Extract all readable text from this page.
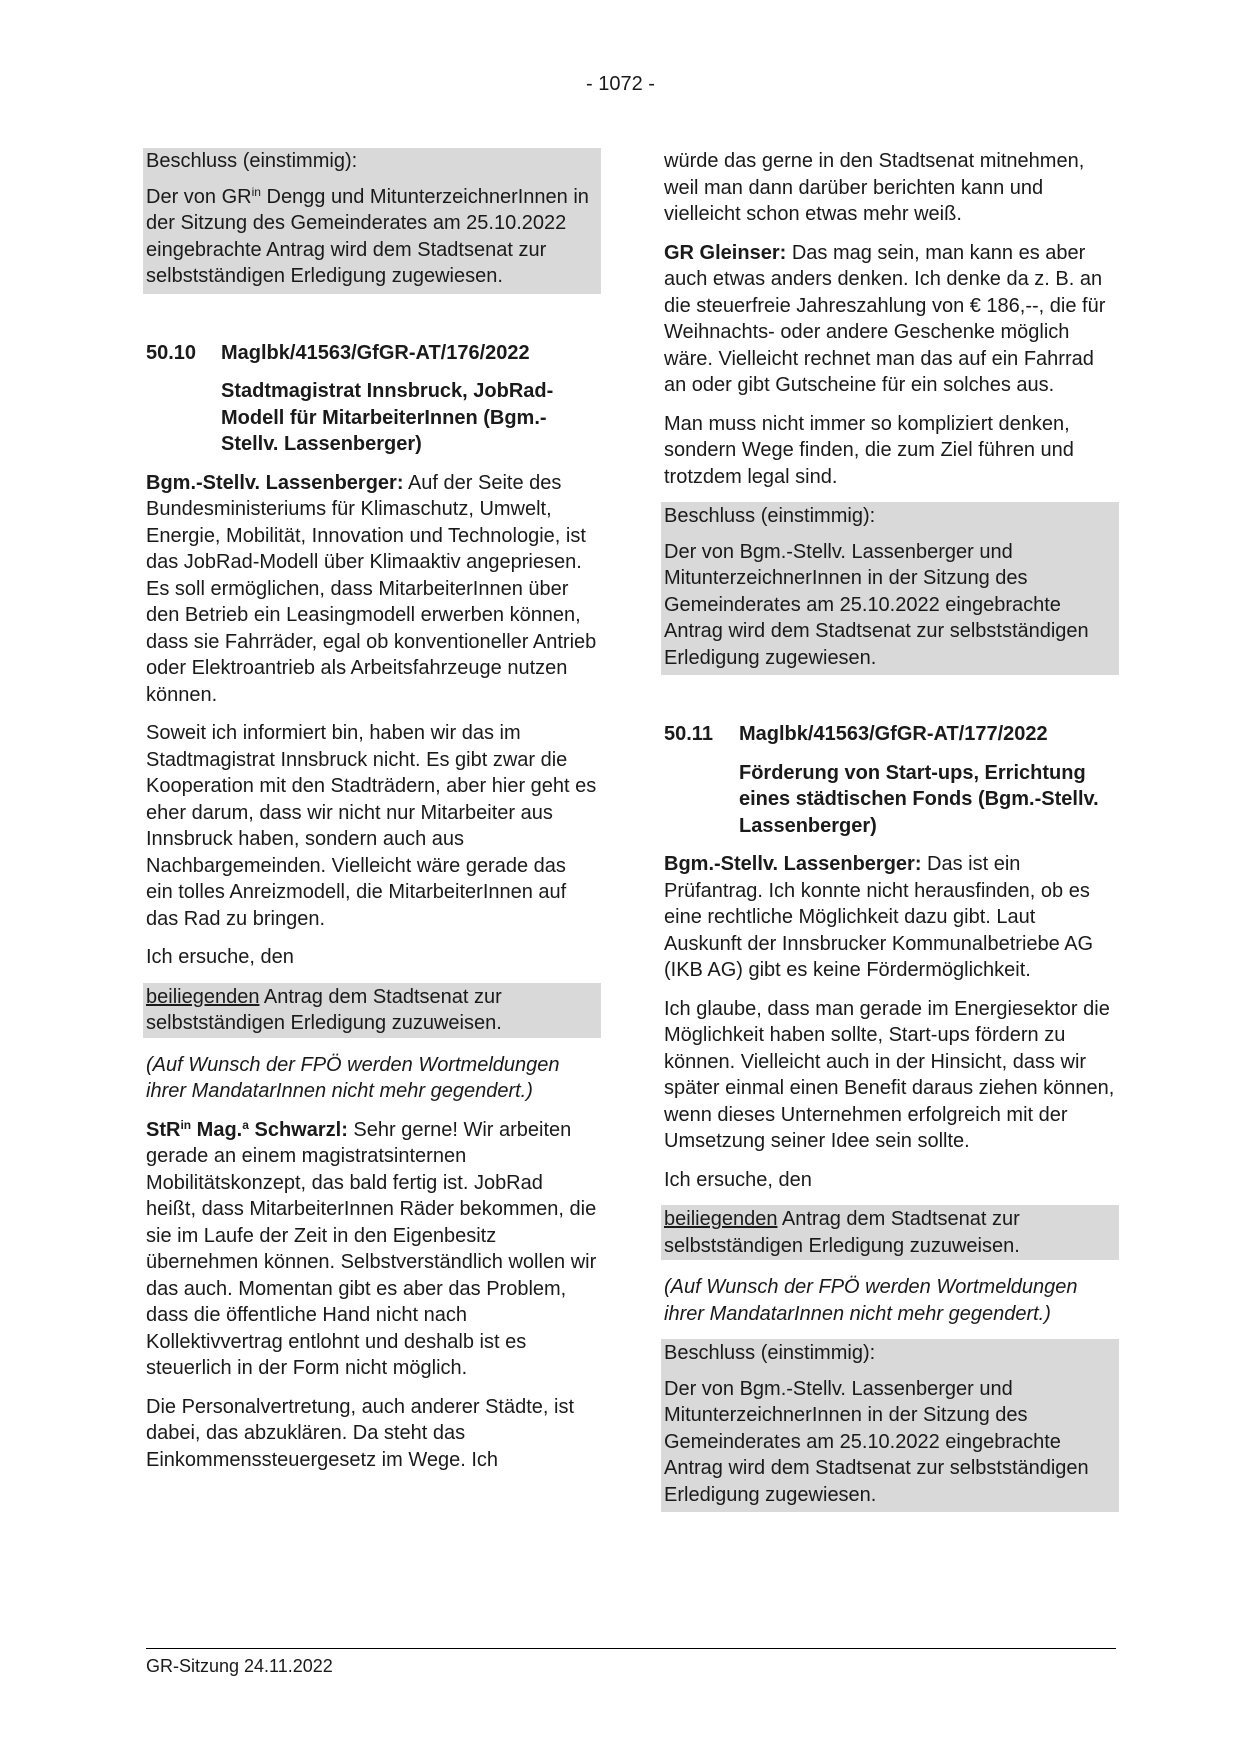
- 1072 -

Beschluss (einstimmig):

Der von $GR^{in}$ Dengg und MitunterzeichnerInnen in der Sitzung des Gemeinderates am 25.10.2022 eingebrachte Antrag wird dem Stadtsenat zur selbstständigen Erledigung zugewiesen.

50.10	Maglbk/41563/GfGR-AT/176/2022

Stadtmagistrat Innsbruck, JobRad-Modell für MitarbeiterInnen (Bgm.-Stellv. Lassenberger)

Bgm.-Stellv. Lassenberger: Auf der Seite des Bundesministeriums für Klimaschutz, Umwelt, Energie, Mobilität, Innovation und Technologie, ist das JobRad-Modell über Klimaaktiv angepriesen. Es soll ermöglichen, dass MitarbeiterInnen über den Betrieb ein Leasingmodell erwerben können, dass sie Fahrräder, egal ob konventioneller Antrieb oder Elektroantrieb als Arbeitsfahrzeuge nutzen können.

Soweit ich informiert bin, haben wir das im Stadtmagistrat Innsbruck nicht. Es gibt zwar die Kooperation mit den Stadträdern, aber hier geht es eher darum, dass wir nicht nur Mitarbeiter aus Innsbruck haben, sondern auch aus Nachbargemeinden. Vielleicht wäre gerade das ein tolles Anreizmodell, die MitarbeiterInnen auf das Rad zu bringen.

Ich ersuche, den

beiliegenden Antrag dem Stadtsenat zur selbstständigen Erledigung zuzuweisen.

(Auf Wunsch der FPÖ werden Wortmeldungen ihrer MandatarInnen nicht mehr gegendert.)

StR$^{in}$ Mag.$^a$ Schwarzl: Sehr gerne! Wir arbeiten gerade an einem magistratsinternen Mobilitätskonzept, das bald fertig ist. JobRad heißt, dass MitarbeiterInnen Räder bekommen, die sie im Laufe der Zeit in den Eigenbesitz übernehmen können. Selbstverständlich wollen wir das auch. Momentan gibt es aber das Problem, dass die öffentliche Hand nicht nach Kollektivvertrag entlohnt und deshalb ist es steuerlich in der Form nicht möglich.

Die Personalvertretung, auch anderer Städte, ist dabei, das abzuklären. Da steht das Einkommenssteuergesetz im Wege. Ich

würde das gerne in den Stadtsenat mitnehmen, weil man dann darüber berichten kann und vielleicht schon etwas mehr weiß.

GR Gleinser: Das mag sein, man kann es aber auch etwas anders denken. Ich denke da z. B. an die steuerfreie Jahreszahlung von € 186,--, die für Weihnachts- oder andere Geschenke möglich wäre. Vielleicht rechnet man das auf ein Fahrrad an oder gibt Gutscheine für ein solches aus.

Man muss nicht immer so kompliziert denken, sondern Wege finden, die zum Ziel führen und trotzdem legal sind.

Beschluss (einstimmig):

Der von Bgm.-Stellv. Lassenberger und MitunterzeichnerInnen in der Sitzung des Gemeinderates am 25.10.2022 eingebrachte Antrag wird dem Stadtsenat zur selbstständigen Erledigung zugewiesen.

50.11	Maglbk/41563/GfGR-AT/177/2022

Förderung von Start-ups, Errichtung eines städtischen Fonds (Bgm.-Stellv. Lassenberger)

Bgm.-Stellv. Lassenberger: Das ist ein Prüfantrag. Ich konnte nicht herausfinden, ob es eine rechtliche Möglichkeit dazu gibt. Laut Auskunft der Innsbrucker Kommunalbetriebe AG (IKB AG) gibt es keine Fördermöglichkeit.

Ich glaube, dass man gerade im Energiesektor die Möglichkeit haben sollte, Start-ups fördern zu können. Vielleicht auch in der Hinsicht, dass wir später einmal einen Benefit daraus ziehen können, wenn dieses Unternehmen erfolgreich mit der Umsetzung seiner Idee sein sollte.

Ich ersuche, den

beiliegenden Antrag dem Stadtsenat zur selbstständigen Erledigung zuzuweisen.

(Auf Wunsch der FPÖ werden Wortmeldungen ihrer MandatarInnen nicht mehr gegendert.)

Beschluss (einstimmig):

Der von Bgm.-Stellv. Lassenberger und MitunterzeichnerInnen in der Sitzung des Gemeinderates am 25.10.2022 eingebrachte Antrag wird dem Stadtsenat zur selbstständigen Erledigung zugewiesen.

GR-Sitzung 24.11.2022
